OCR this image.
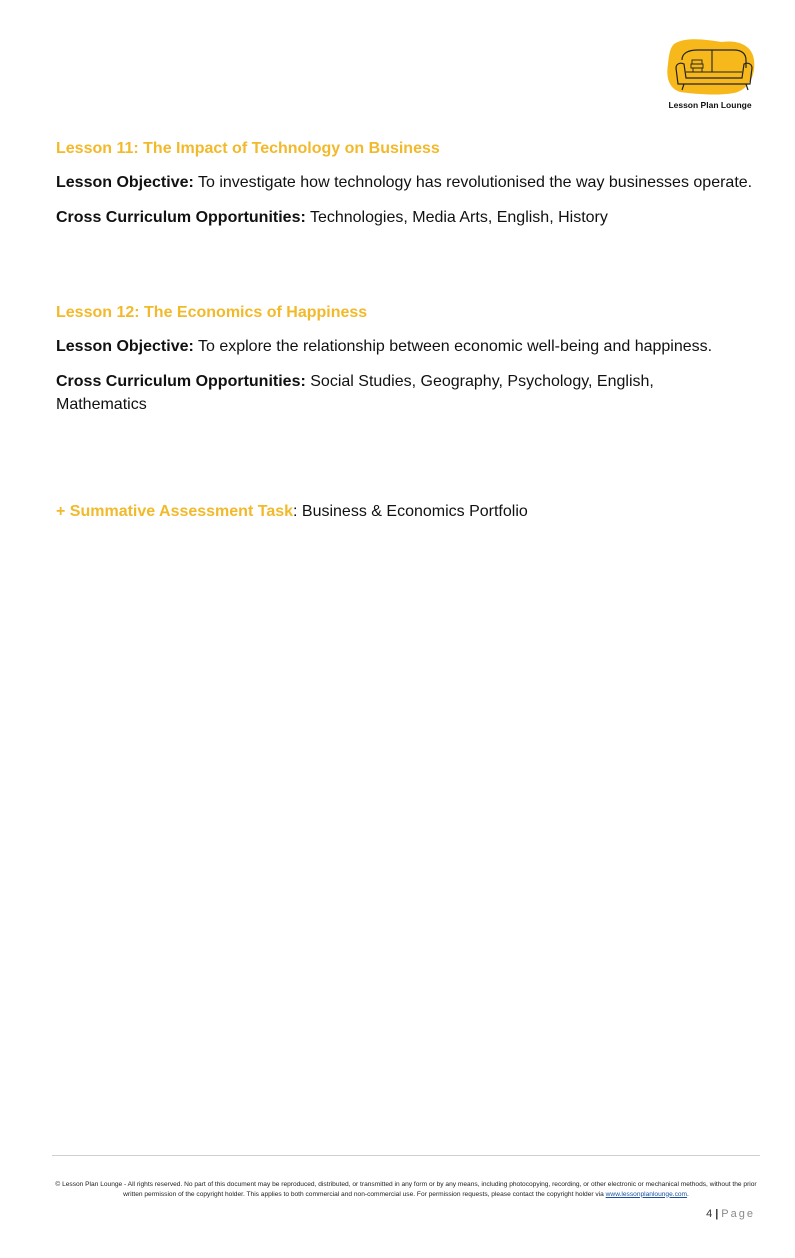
Lesson Plan Lounge
Lesson 11: The Impact of Technology on Business

Lesson Objective: To investigate how technology has revolutionised the way businesses operate.

Cross Curriculum Opportunities: Technologies, Media Arts, English, History

Lesson 12: The Economics of Happiness

Lesson Objective: To explore the relationship between economic well-being and happiness.

Cross Curriculum Opportunities: Social Studies, Geography, Psychology, English, Mathematics

+ Summative Assessment Task: Business & Economics Portfolio
© Lesson Plan Lounge - All rights reserved. No part of this document may be reproduced, distributed, or transmitted in any form or by any means, including photocopying, recording, or other electronic or mechanical methods, without the prior written permission of the copyright holder. This applies to both commercial and non-commercial use. For permission requests, please contact the copyright holder via www.lessonplanlounge.com.
4 | Page
